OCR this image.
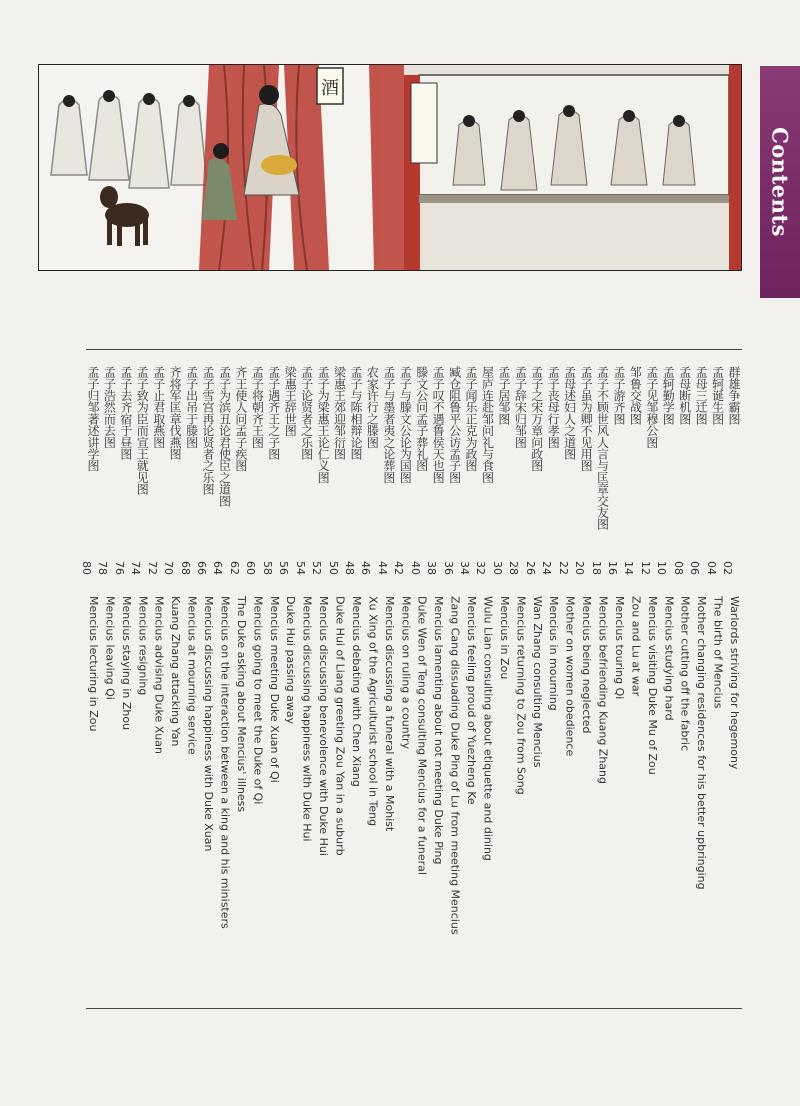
酒
Contents
群雄争霸图
02
Warlords striving for hegemony
孟轲诞生图
04
The birth of Mencius
孟母三迁图
06
Mother changing residences for his better upbringing
孟母断机图
08
Mother cutting off the fabric
孟轲勤学图
10
Mencius studying hard
孟子见邹穆公图
12
Mencius visiting Duke Mu of Zou
邹鲁交战图
14
Zou and Lu at war
孟子游齐图
16
Mencius touring Qi
孟子不顾世风人言与匡章交友图
18
Mencius befriending Kuang Zhang
孟子虽为卿不见用图
20
Mencius being neglected
孟母述妇人之道图
22
Mother on women obedience
孟子丧母行孝图
24
Mencius in mourning
孟子之宋万章问政图
26
Wan Zhang consulting Mencius
孟子辞宋归邹图
28
Mencius returning to Zou from Song
孟子居邹图
30
Mencius in Zou
屋庐连赴邹问礼与食图
32
Wulu Lian consulting about etiquette and dining
孟子闻乐正克为政图
34
Mencius feeling proud of Yuezheng Ke
臧仓阻鲁平公访孟子图
36
Zang Cang dissuading Duke Ping of Lu from meeting Mencius
孟子叹不遇鲁侯天也图
38
Mencius lamenting about not meeting Duke Ping
滕文公问孟子葬礼图
40
Duke Wen of Teng consulting Mencius for a funeral
孟子与滕文公论为国图
42
Mencius on ruling a country
孟子与墨者夷之论葬图
44
Mencius discussing a funeral with a Mohist
农家许行之滕图
46
Xu Xing of the Agriculturist school in Teng
孟子与陈相辩论图
48
Mencius debating with Chen Xiang
梁惠王郊迎邹衍图
50
Duke Hui of Liang greeting Zou Yan in a suburb
孟子为梁惠王论仁义图
52
Mencius discussing benevolence with Duke Hui
孟子论贤者之乐图
54
Mencius discussing happiness with Duke Hui
梁惠王辞世图
56
Duke Hui passing away
孟子遇齐王之子图
58
Mencius meeting Duke Xuan of Qi
孟子将朝齐王图
60
Mencius going to meet the Duke of Qi
齐王使人问孟子疾图
62
The Duke asking about Mencius' illness
孟子为滨丑论君使臣之道图
64
Mencius on the interaction between a king and his ministers
孟子雪宫再论贤者之乐图
66
Mencius discussing happiness with Duke Xuan
孟子出吊于滕图
68
Mencius at mourning service
齐将军匡章伐燕图
70
Kuang Zhang attacking Yan
孟子止君取燕图
72
Mencius advising Duke Xuan
孟子致为臣而宣王就见图
74
Mencius resigning
孟子去齐宿于昼图
76
Mencius staying in Zhou
孟子浩然而去图
78
Mencius leaving Qi
孟子归邹著述讲学图
80
Mencius lecturing in Zou
